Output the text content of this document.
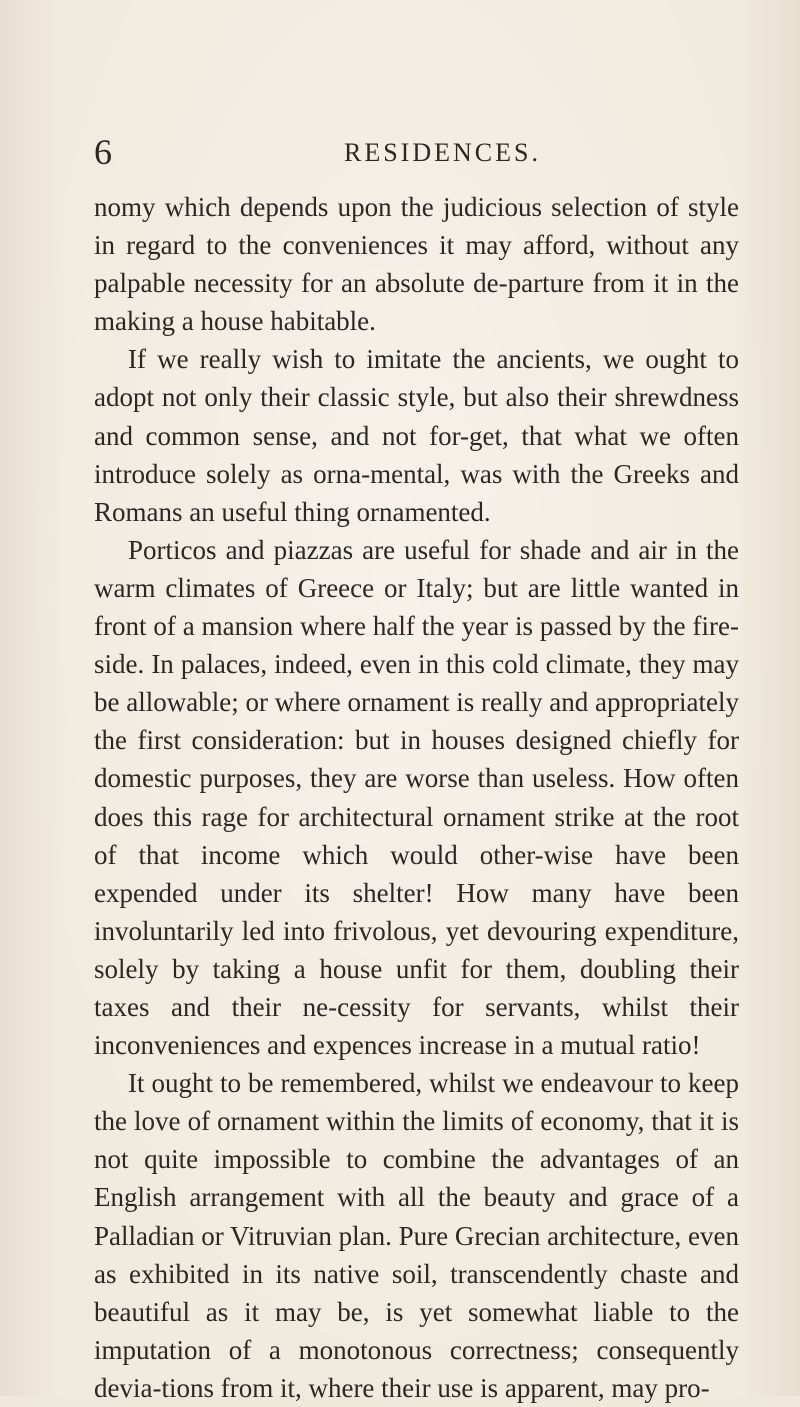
6	RESIDENCES.

nomy which depends upon the judicious selection of style in regard to the conveniences it may afford, without any palpable necessity for an absolute de-parture from it in the making a house habitable.

If we really wish to imitate the ancients, we ought to adopt not only their classic style, but also their shrewdness and common sense, and not for-get, that what we often introduce solely as orna-mental, was with the Greeks and Romans an useful thing ornamented.

Porticos and piazzas are useful for shade and air in the warm climates of Greece or Italy; but are little wanted in front of a mansion where half the year is passed by the fire-side. In palaces, indeed, even in this cold climate, they may be allowable; or where ornament is really and appropriately the first consideration: but in houses designed chiefly for domestic purposes, they are worse than useless. How often does this rage for architectural ornament strike at the root of that income which would other-wise have been expended under its shelter! How many have been involuntarily led into frivolous, yet devouring expenditure, solely by taking a house unfit for them, doubling their taxes and their ne-cessity for servants, whilst their inconveniences and expences increase in a mutual ratio!

It ought to be remembered, whilst we endeavour to keep the love of ornament within the limits of economy, that it is not quite impossible to combine the advantages of an English arrangement with all the beauty and grace of a Palladian or Vitruvian plan. Pure Grecian architecture, even as exhibited in its native soil, transcendently chaste and beautiful as it may be, is yet somewhat liable to the imputation of a monotonous correctness; consequently devia-tions from it, where their use is apparent, may pro-
